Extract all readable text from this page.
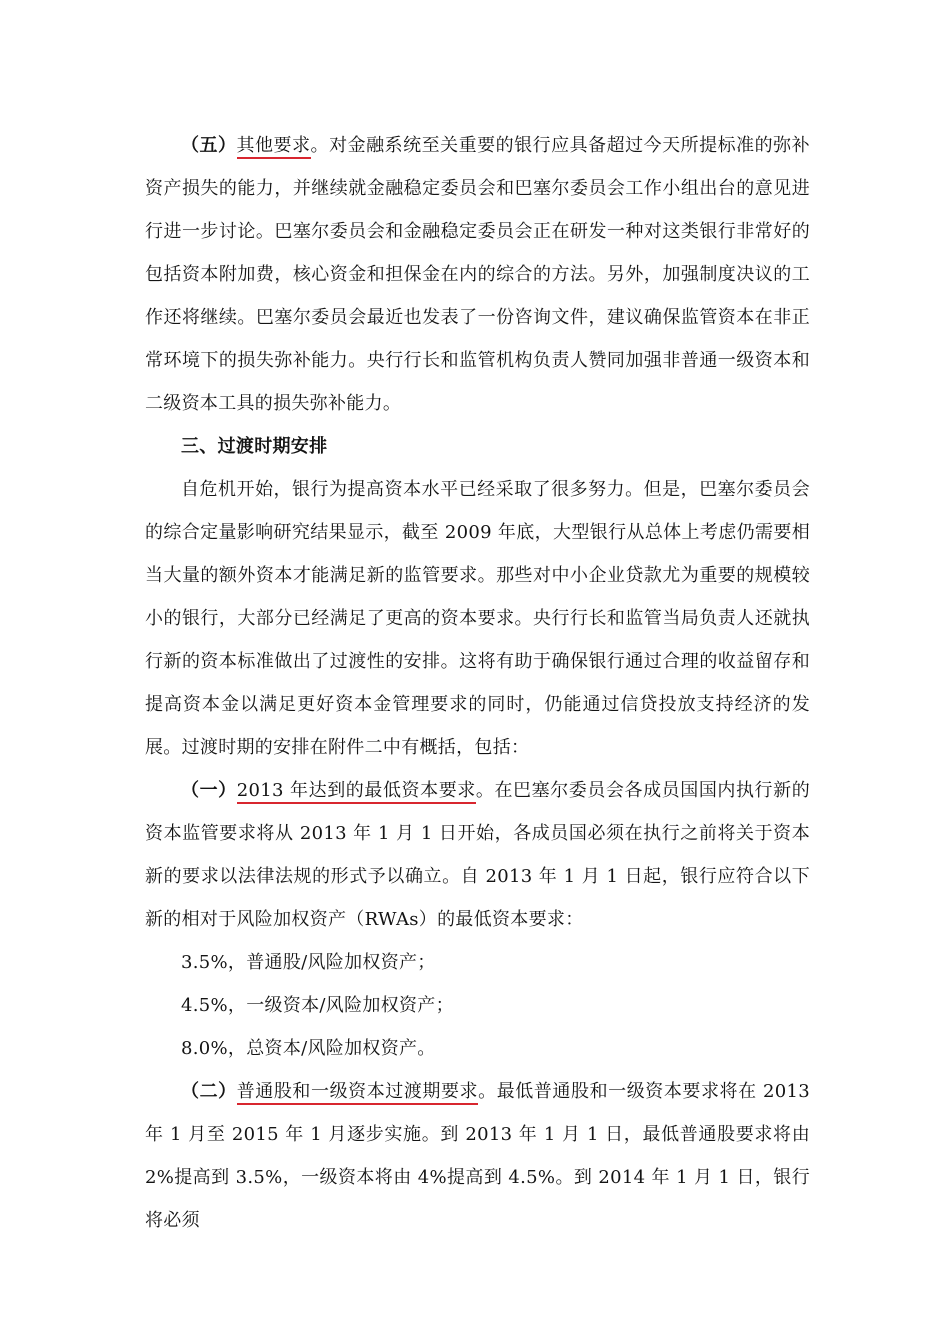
（五）其他要求。对金融系统至关重要的银行应具备超过今天所提标准的弥补资产损失的能力，并继续就金融稳定委员会和巴塞尔委员会工作小组出台的意见进行进一步讨论。巴塞尔委员会和金融稳定委员会正在研发一种对这类银行非常好的包括资本附加费，核心资金和担保金在内的综合的方法。另外，加强制度决议的工作还将继续。巴塞尔委员会最近也发表了一份咨询文件，建议确保监管资本在非正常环境下的损失弥补能力。央行行长和监管机构负责人赞同加强非普通一级资本和二级资本工具的损失弥补能力。

三、过渡时期安排

自危机开始，银行为提高资本水平已经采取了很多努力。但是，巴塞尔委员会的综合定量影响研究结果显示，截至 2009 年底，大型银行从总体上考虑仍需要相当大量的额外资本才能满足新的监管要求。那些对中小企业贷款尤为重要的规模较小的银行，大部分已经满足了更高的资本要求。央行行长和监管当局负责人还就执行新的资本标准做出了过渡性的安排。这将有助于确保银行通过合理的收益留存和提高资本金以满足更好资本金管理要求的同时，仍能通过信贷投放支持经济的发展。过渡时期的安排在附件二中有概括，包括：

（一）2013 年达到的最低资本要求。在巴塞尔委员会各成员国国内执行新的资本监管要求将从 2013 年 1 月 1 日开始，各成员国必须在执行之前将关于资本新的要求以法律法规的形式予以确立。自 2013 年 1 月 1 日起，银行应符合以下新的相对于风险加权资产（RWAs）的最低资本要求：

3.5%，普通股/风险加权资产；

4.5%，一级资本/风险加权资产；

8.0%，总资本/风险加权资产。

（二）普通股和一级资本过渡期要求。最低普通股和一级资本要求将在 2013 年 1 月至 2015 年 1 月逐步实施。到 2013 年 1 月 1 日，最低普通股要求将由 2%提高到 3.5%，一级资本将由 4%提高到 4.5%。到 2014 年 1 月 1 日，银行将必须
